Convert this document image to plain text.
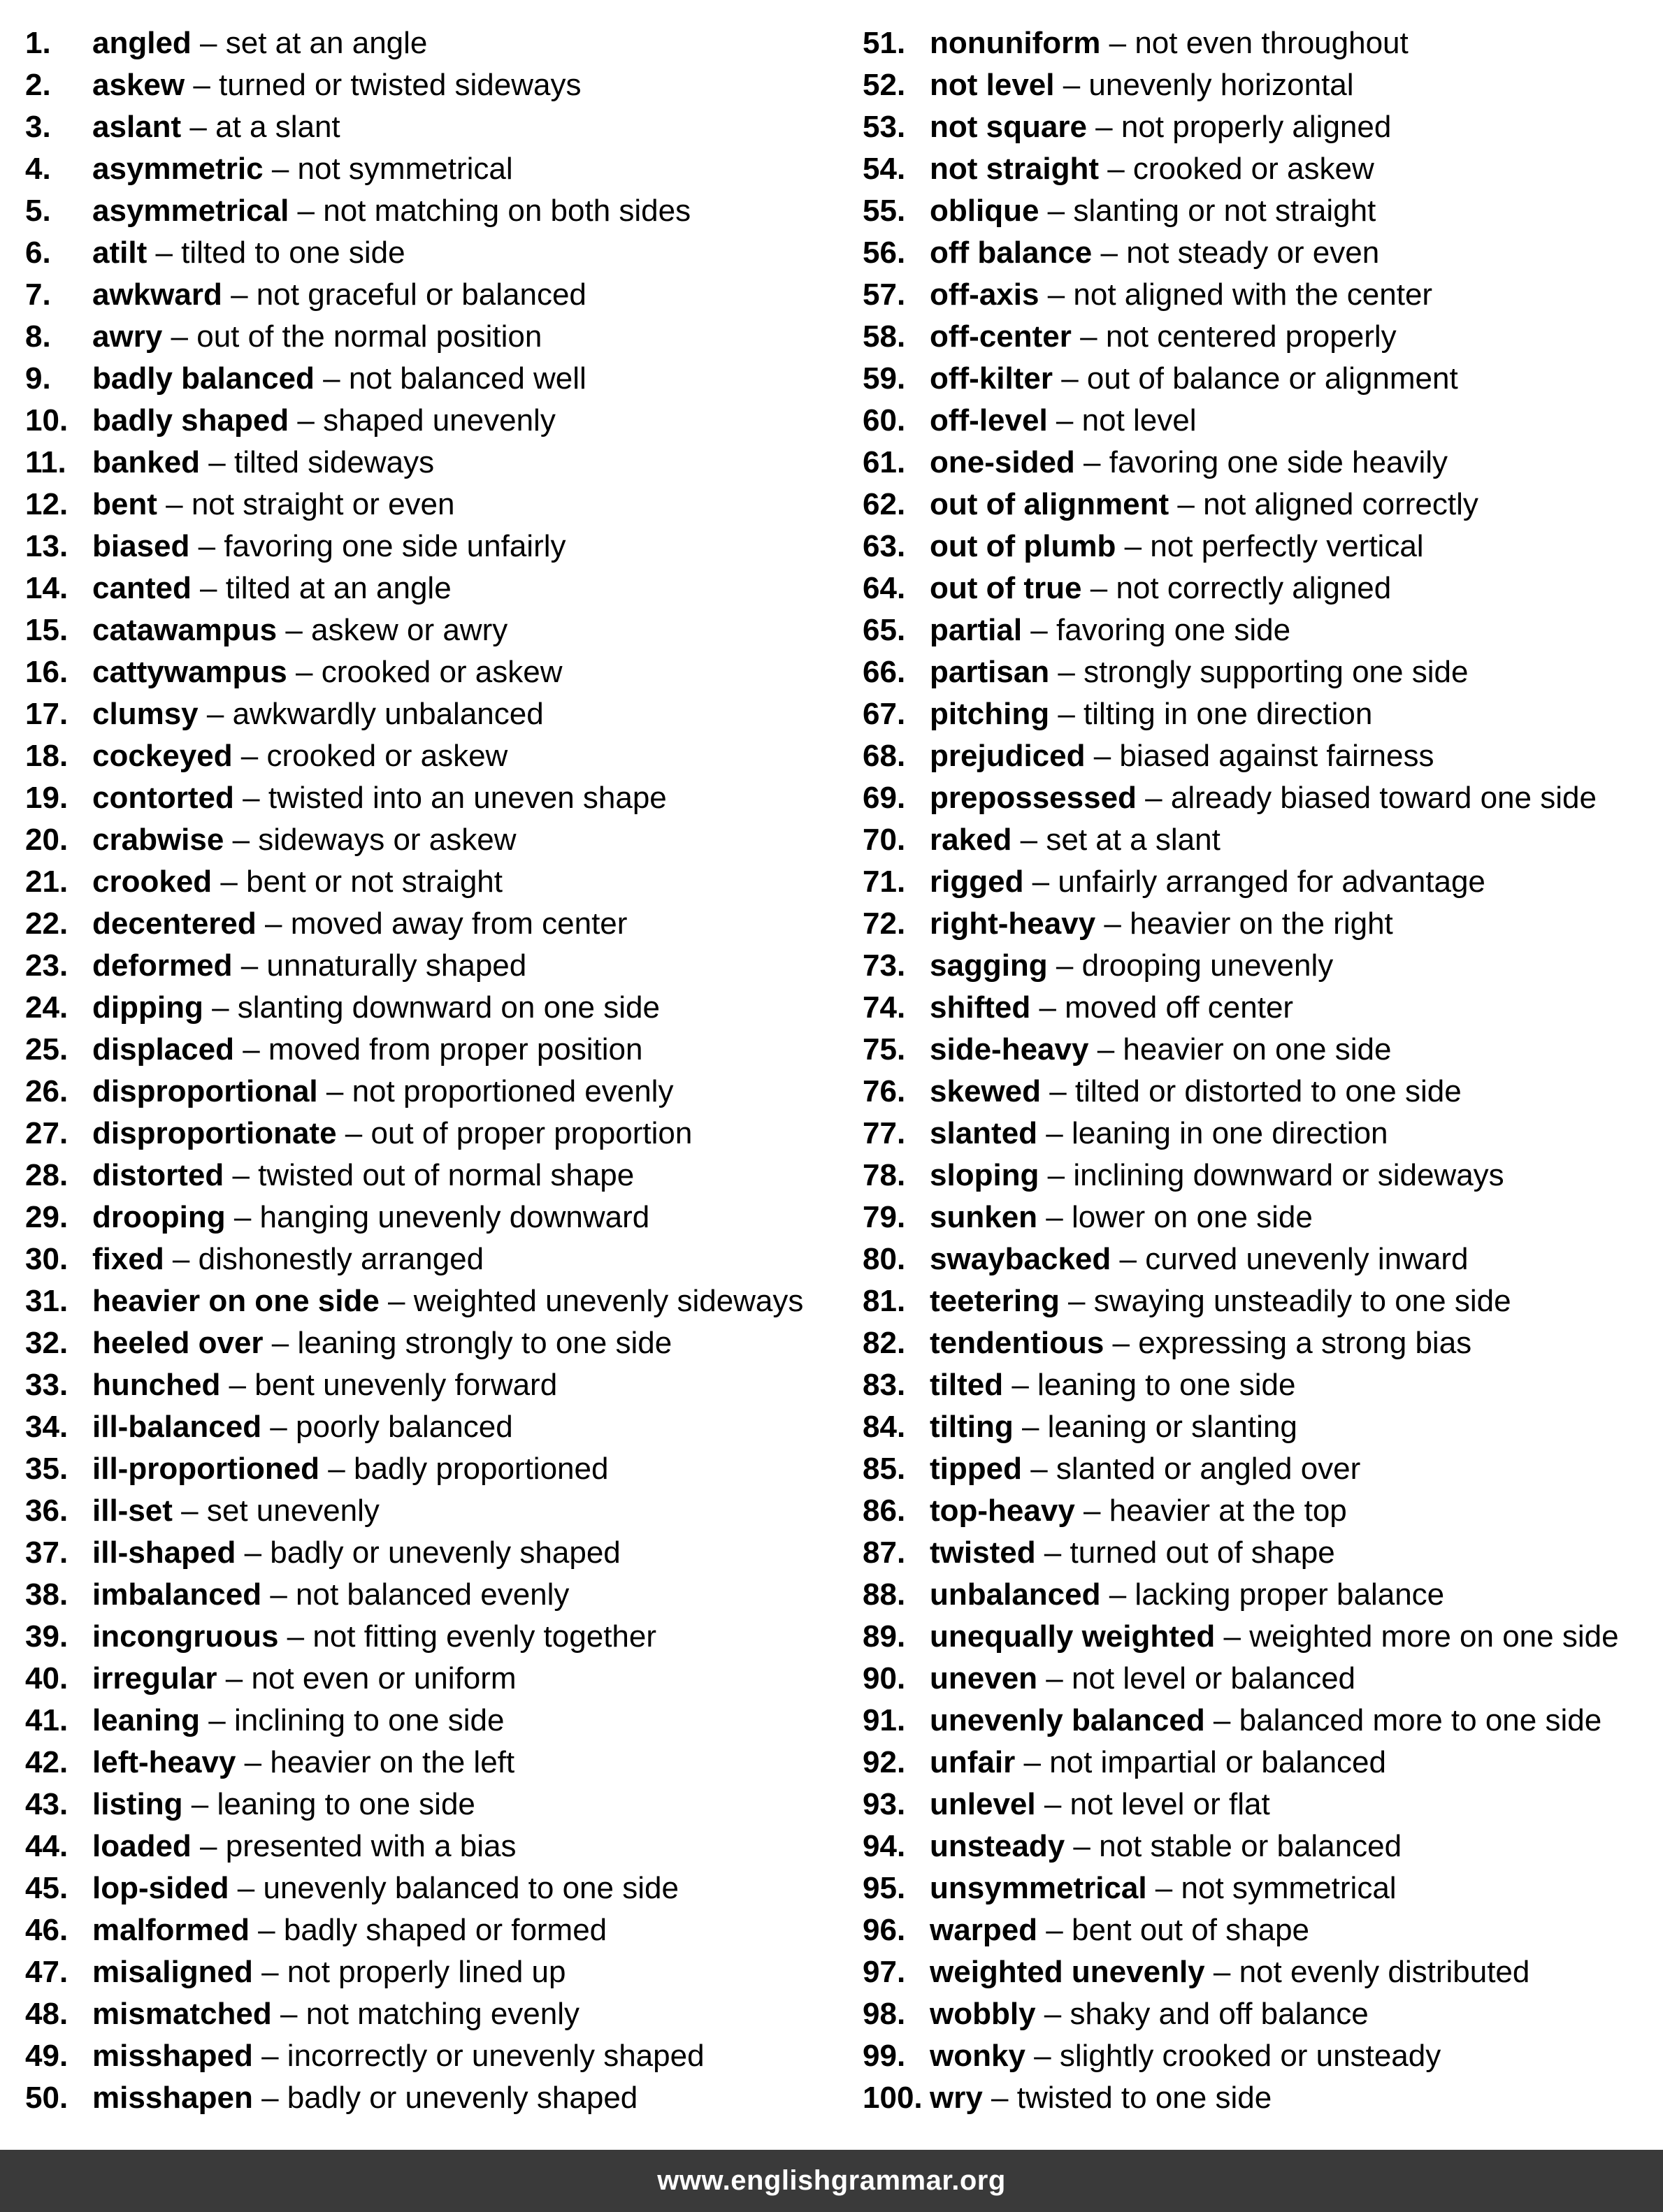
1.	angled – set at an angle
2.	askew – turned or twisted sideways
3.	aslant – at a slant
4.	asymmetric – not symmetrical
5.	asymmetrical – not matching on both sides
6.	atilt – tilted to one side
7.	awkward – not graceful or balanced
8.	awry – out of the normal position
9.	badly balanced – not balanced well
10. badly shaped – shaped unevenly
11. banked – tilted sideways
12. bent – not straight or even
13. biased – favoring one side unfairly
14. canted – tilted at an angle
15. catawampus – askew or awry
16. cattywampus – crooked or askew
17. clumsy – awkwardly unbalanced
18. cockeyed – crooked or askew
19. contorted – twisted into an uneven shape
20. crabwise – sideways or askew
21. crooked – bent or not straight
22. decentered – moved away from center
23. deformed – unnaturally shaped
24. dipping – slanting downward on one side
25. displaced – moved from proper position
26. disproportional – not proportioned evenly
27. disproportionate – out of proper proportion
28. distorted – twisted out of normal shape
29. drooping – hanging unevenly downward
30. fixed – dishonestly arranged
31. heavier on one side – weighted unevenly sideways
32. heeled over – leaning strongly to one side
33. hunched – bent unevenly forward
34. ill-balanced – poorly balanced
35. ill-proportioned – badly proportioned
36. ill-set – set unevenly
37. ill-shaped – badly or unevenly shaped
38. imbalanced – not balanced evenly
39. incongruous – not fitting evenly together
40. irregular – not even or uniform
41. leaning – inclining to one side
42. left-heavy – heavier on the left
43. listing – leaning to one side
44. loaded – presented with a bias
45. lop-sided – unevenly balanced to one side
46. malformed – badly shaped or formed
47. misaligned – not properly lined up
48. mismatched – not matching evenly
49. misshaped – incorrectly or unevenly shaped
50. misshapen – badly or unevenly shaped
51. nonuniform – not even throughout
52. not level – unevenly horizontal
53. not square – not properly aligned
54. not straight – crooked or askew
55. oblique – slanting or not straight
56. off balance – not steady or even
57. off-axis – not aligned with the center
58. off-center – not centered properly
59. off-kilter – out of balance or alignment
60. off-level – not level
61. one-sided – favoring one side heavily
62. out of alignment – not aligned correctly
63. out of plumb – not perfectly vertical
64. out of true – not correctly aligned
65. partial – favoring one side
66. partisan – strongly supporting one side
67. pitching – tilting in one direction
68. prejudiced – biased against fairness
69. prepossessed – already biased toward one side
70. raked – set at a slant
71. rigged – unfairly arranged for advantage
72. right-heavy – heavier on the right
73. sagging – drooping unevenly
74. shifted – moved off center
75. side-heavy – heavier on one side
76. skewed – tilted or distorted to one side
77. slanted – leaning in one direction
78. sloping – inclining downward or sideways
79. sunken – lower on one side
80. swaybacked – curved unevenly inward
81. teetering – swaying unsteadily to one side
82. tendentious – expressing a strong bias
83. tilted – leaning to one side
84. tilting – leaning or slanting
85. tipped – slanted or angled over
86. top-heavy – heavier at the top
87. twisted – turned out of shape
88. unbalanced – lacking proper balance
89. unequally weighted – weighted more on one side
90. uneven – not level or balanced
91. unevenly balanced – balanced more to one side
92. unfair – not impartial or balanced
93. unlevel – not level or flat
94. unsteady – not stable or balanced
95. unsymmetrical – not symmetrical
96. warped – bent out of shape
97. weighted unevenly – not evenly distributed
98. wobbly – shaky and off balance
99. wonky – slightly crooked or unsteady
100. wry – twisted to one side
www.englishgrammar.org
